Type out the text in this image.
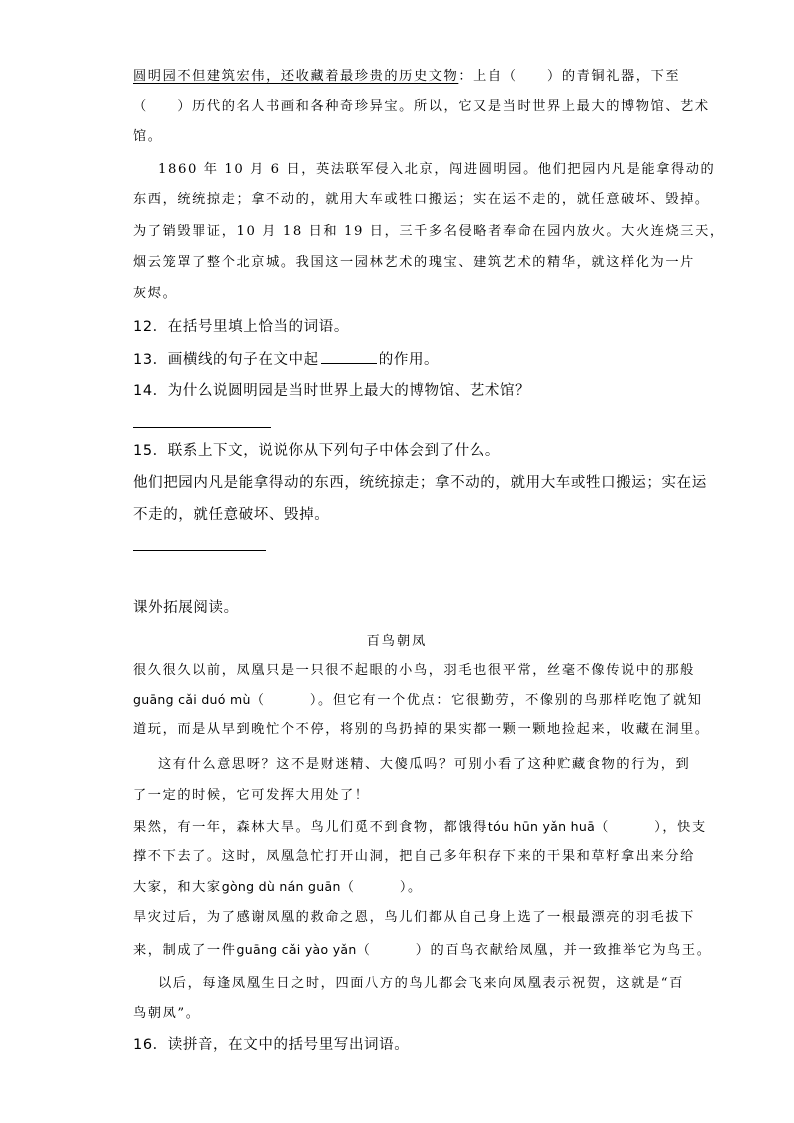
圆明园不但建筑宏伟，还收藏着最珍贵的历史文物：上自（　　）的青铜礼器，下至
（　　）历代的名人书画和各种奇珍异宝。所以，它又是当时世界上最大的博物馆、艺术
馆。
1860 年 10 月 6 日，英法联军侵入北京，闯进圆明园。他们把园内凡是能拿得动的
东西，统统掠走；拿不动的，就用大车或牲口搬运；实在运不走的，就任意破坏、毁掉。
为了销毁罪证，10 月 18 日和 19 日，三千多名侵略者奉命在园内放火。大火连烧三天，
烟云笼罩了整个北京城。我国这一园林艺术的瑰宝、建筑艺术的精华，就这样化为一片
灰烬。
12．在括号里填上恰当的词语。
13．画横线的句子在文中起	的作用。
14．为什么说圆明园是当时世界上最大的博物馆、艺术馆？
15．联系上下文，说说你从下列句子中体会到了什么。
他们把园内凡是能拿得动的东西，统统掠走；拿不动的，就用大车或牲口搬运；实在运
不走的，就任意破坏、毁掉。
课外拓展阅读。
百鸟朝凤
很久很久以前，凤凰只是一只很不起眼的小鸟，羽毛也很平常，丝毫不像传说中的那般
guāng cǎi duó mù（　　　）。但它有一个优点：它很勤劳，不像别的鸟那样吃饱了就知
道玩，而是从早到晚忙个不停，将别的鸟扔掉的果实都一颗一颗地捡起来，收藏在洞里。
这有什么意思呀？这不是财迷精、大傻瓜吗？可别小看了这种贮藏食物的行为，到
了一定的时候，它可发挥大用处了！
果然，有一年，森林大旱。鸟儿们觅不到食物，都饿得tóu hūn yǎn huā（　　　），快支
撑不下去了。这时，凤凰急忙打开山洞，把自己多年积存下来的干果和草籽拿出来分给
大家，和大家gòng dù nán guān（　　　）。
旱灾过后，为了感谢凤凰的救命之恩，鸟儿们都从自己身上选了一根最漂亮的羽毛拔下
来，制成了一件guāng cǎi yào yǎn（　　　）的百鸟衣献给凤凰，并一致推举它为鸟王。
以后，每逢凤凰生日之时，四面八方的鸟儿都会飞来向凤凰表示祝贺，这就是“百
鸟朝凤”。
16．读拼音，在文中的括号里写出词语。
